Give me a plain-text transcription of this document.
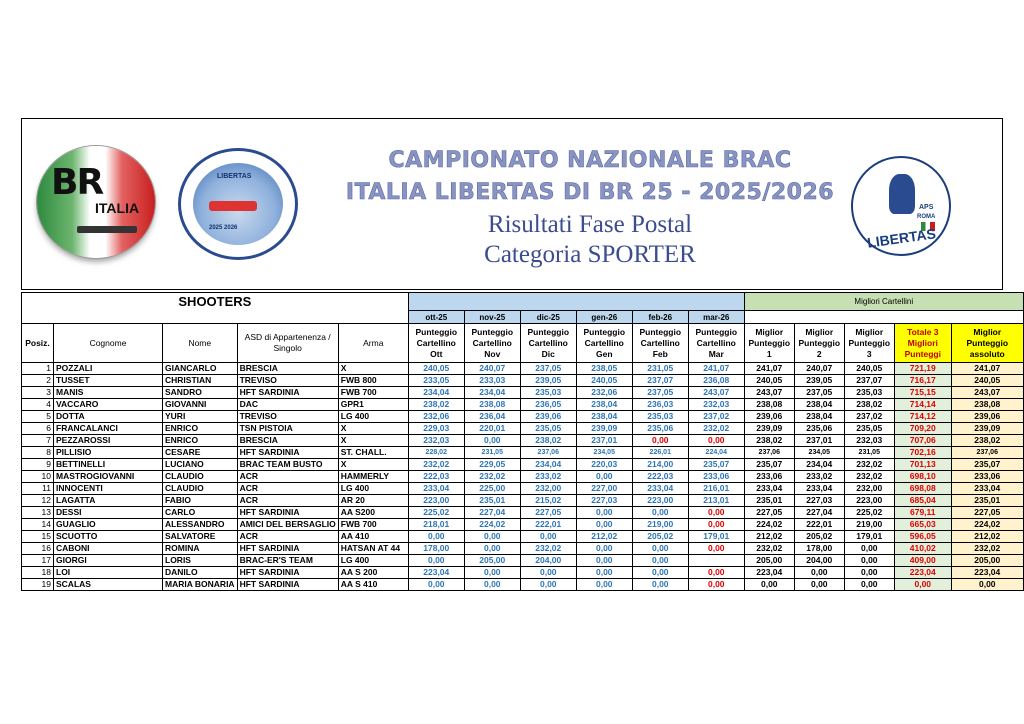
BR
ITALIA
LIBERTAS
2025 2026
APS
ROMA
LIBERTAS
CAMPIONATO NAZIONALE BRAC
ITALIA LIBERTAS DI BR 25 - 2025/2026
Risultati Fase Postal
Categoria SPORTER
SHOOTERS											Migliori Cartellini				
					ott-25	nov-25	dic-25	gen-26	feb-26	mar-26					
Posiz.	Cognome	Nome	ASD di Appartenenza / Singolo	Arma	Punteggio Cartellino Ott	Punteggio Cartellino Nov	Punteggio Cartellino Dic	Punteggio Cartellino Gen	Punteggio Cartellino Feb	Punteggio Cartellino Mar	Miglior Punteggio 1	Miglior Punteggio 2	Miglior Punteggio 3	Totale 3 Migliori Punteggi	Miglior Punteggio assoluto
1	POZZALI	GIANCARLO	BRESCIA	X	240,05	240,07	237,05	238,05	231,05	241,07	241,07	240,07	240,05	721,19	241,07
2	TUSSET	CHRISTIAN	TREVISO	FWB 800	233,05	233,03	239,05	240,05	237,07	236,08	240,05	239,05	237,07	716,17	240,05
3	MANIS	SANDRO	HFT SARDINIA	FWB 700	234,04	234,04	235,03	232,06	237,05	243,07	243,07	237,05	235,03	715,15	243,07
4	VACCARO	GIOVANNI	DAC	GPR1	238,02	238,08	236,05	238,04	236,03	232,03	238,08	238,04	238,02	714,14	238,08
5	DOTTA	YURI	TREVISO	LG 400	232,06	236,04	239,06	238,04	235,03	237,02	239,06	238,04	237,02	714,12	239,06
6	FRANCALANCI	ENRICO	TSN PISTOIA	X	229,03	220,01	235,05	239,09	235,06	232,02	239,09	235,06	235,05	709,20	239,09
7	PEZZAROSSI	ENRICO	BRESCIA	X	232,03	0,00	238,02	237,01	0,00	0,00	238,02	237,01	232,03	707,06	238,02
8	PILLISIO	CESARE	HFT SARDINIA	ST. CHALL.	228,02	231,05	237,06	234,05	226,01	224,04	237,06	234,05	231,05	702,16	237,06
9	BETTINELLI	LUCIANO	BRAC TEAM BUSTO	X	232,02	229,05	234,04	220,03	214,00	235,07	235,07	234,04	232,02	701,13	235,07
10	MASTROGIOVANNI	CLAUDIO	ACR	HAMMERLY	222,03	232,02	233,02	0,00	222,03	233,06	233,06	233,02	232,02	698,10	233,06
11	INNOCENTI	CLAUDIO	ACR	LG 400	233,04	225,00	232,00	227,00	233,04	216,01	233,04	233,04	232,00	698,08	233,04
12	LAGATTA	FABIO	ACR	AR 20	223,00	235,01	215,02	227,03	223,00	213,01	235,01	227,03	223,00	685,04	235,01
13	DESSI	CARLO	HFT SARDINIA	AA S200	225,02	227,04	227,05	0,00	0,00	0,00	227,05	227,04	225,02	679,11	227,05
14	GUAGLIO	ALESSANDRO	AMICI DEL BERSAGLIO	FWB 700	218,01	224,02	222,01	0,00	219,00	0,00	224,02	222,01	219,00	665,03	224,02
15	SCUOTTO	SALVATORE	ACR	AA 410	0,00	0,00	0,00	212,02	205,02	179,01	212,02	205,02	179,01	596,05	212,02
16	CABONI	ROMINA	HFT SARDINIA	HATSAN AT 44	178,00	0,00	232,02	0,00	0,00	0,00	232,02	178,00	0,00	410,02	232,02
17	GIORGI	LORIS	BRAC-ER'S TEAM	LG 400	0,00	205,00	204,00	0,00	0,00		205,00	204,00	0,00	409,00	205,00
18	LOI	DANILO	HFT SARDINIA	AA S 200	223,04	0,00	0,00	0,00	0,00	0,00	223,04	0,00	0,00	223,04	223,04
19	SCALAS	MARIA BONARIA	HFT SARDINIA	AA S 410	0,00	0,00	0,00	0,00	0,00	0,00	0,00	0,00	0,00	0,00	0,00
